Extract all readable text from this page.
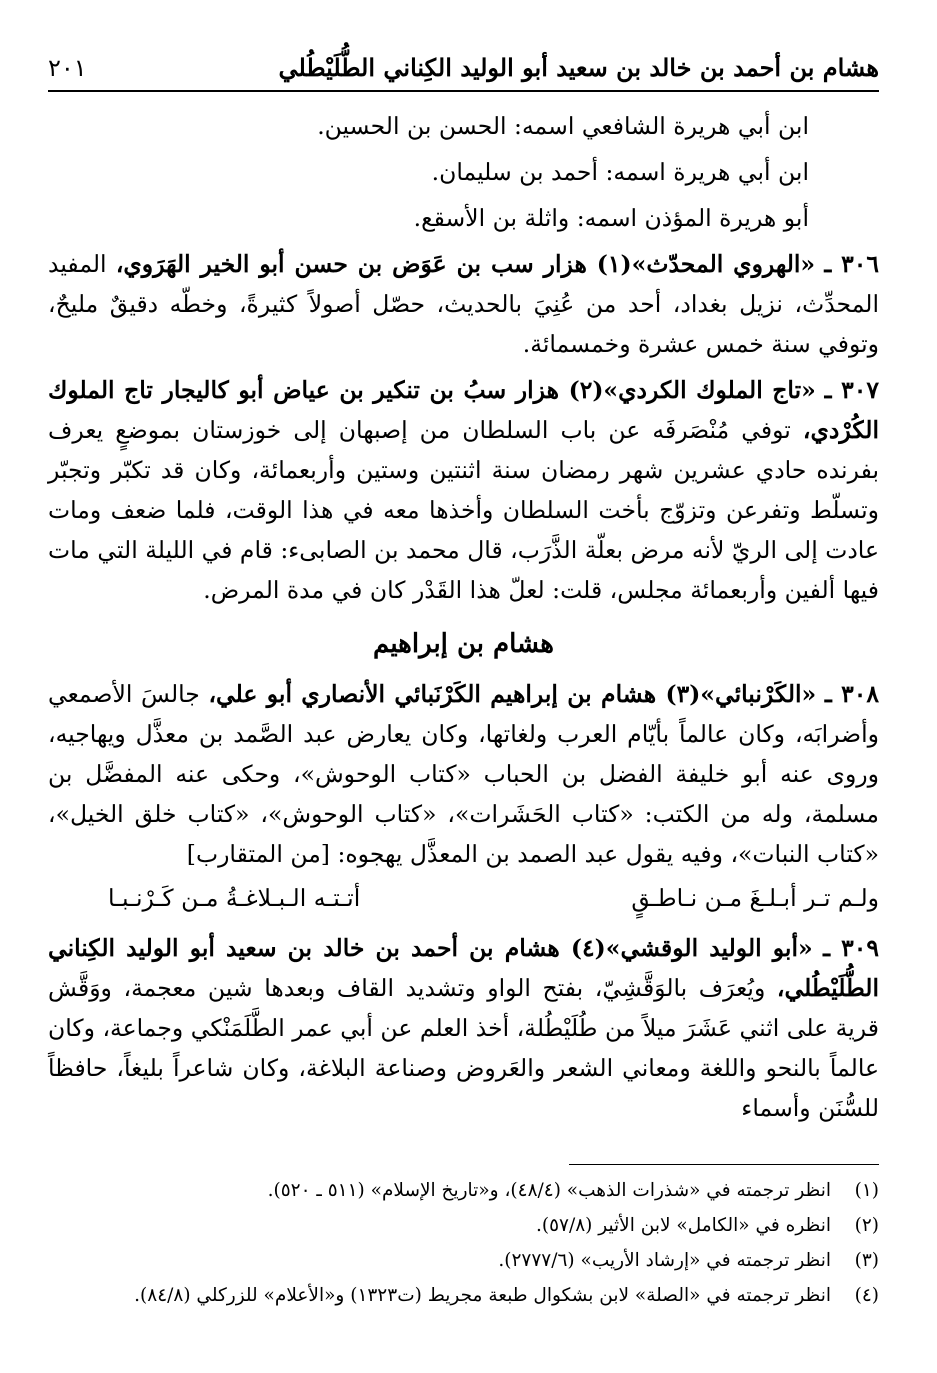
هشام بن أحمد بن خالد بن سعيد أبو الوليد الكِناني الطُّلَيْطُلي
٢٠١

ابن أبي هريرة الشافعي اسمه: الحسن بن الحسين.

ابن أبي هريرة اسمه: أحمد بن سليمان.

أبو هريرة المؤذن اسمه: واثلة بن الأسقع.

٣٠٦ ـ «الهروي المحدّث»(١) هزار سب بن عَوَض بن حسن أبو الخير الهَرَوي، المفيد المحدِّث، نزيل بغداد، أحد من عُنِيَ بالحديث، حصّل أصولاً كثيرةً، وخطّه دقيقٌ مليحٌ، وتوفي سنة خمس عشرة وخمسمائة.

٣٠٧ ـ «تاج الملوك الكردي»(٢) هزار سبُ بن تنكير بن عياض أبو كاليجار تاج الملوك الكُرْدي، توفي مُنْصَرفَه عن باب السلطان من إصبهان إلى خوزستان بموضعٍ يعرف بفرنده حادي عشرين شهر رمضان سنة اثنتين وستين وأربعمائة، وكان قد تكبّر وتجبّر وتسلّط وتفرعن وتزوّج بأخت السلطان وأخذها معه في هذا الوقت، فلما ضعف ومات عادت إلى الريّ لأنه مرض بعلّة الذَّرَب، قال محمد بن الصابىء: قام في الليلة التي مات فيها ألفين وأربعمائة مجلس، قلت: لعلّ هذا القَدْر كان في مدة المرض.

هشام بن إبراهيم

٣٠٨ ـ «الكَرْنبائي»(٣) هشام بن إبراهيم الكَرْنَبائي الأنصاري أبو علي، جالسَ الأصمعي وأضرابَه، وكان عالماً بأيّام العرب ولغاتها، وكان يعارض عبد الصَّمد بن معذَّل ويهاجيه، وروى عنه أبو خليفة الفضل بن الحباب «كتاب الوحوش»، وحكى عنه المفضَّل بن مسلمة، وله من الكتب: «كتاب الحَشَرات»، «كتاب الوحوش»، «كتاب خلق الخيل»، «كتاب النبات»، وفيه يقول عبد الصمد بن المعذَّل يهجوه: [من المتقارب]

ولـم تـر أبـلـغَ مـن نـاطـقٍ
أتـتـه الـبـلاغـةُ مـن كَـرْنـبـا

٣٠٩ ـ «أبو الوليد الوقشي»(٤) هشام بن أحمد بن خالد بن سعيد أبو الوليد الكِناني الطُّلَيْطُلي، ويُعرَف بالوَقَّشِيّ، بفتح الواو وتشديد القاف وبعدها شين معجمة، ووَقَّش قرية على اثني عَشَرَ ميلاً من طُلَيْطُلة، أخذ العلم عن أبي عمر الطَّلَمَنْكي وجماعة، وكان عالماً بالنحو واللغة ومعاني الشعر والعَروض وصناعة البلاغة، وكان شاعراً بليغاً، حافظاً للسُّنَن وأسماء

(١)
انظر ترجمته في «شذرات الذهب» (٤٨/٤)، و«تاريخ الإسلام» (٥١١ ـ ٥٢٠).
(٢)
انظره في «الكامل» لابن الأثير (٥٧/٨).
(٣)
انظر ترجمته في «إرشاد الأريب» (٢٧٧٧/٦).
(٤)
انظر ترجمته في «الصلة» لابن بشكوال طبعة مجريط (ت١٣٢٣) و«الأعلام» للزركلي (٨٤/٨).
